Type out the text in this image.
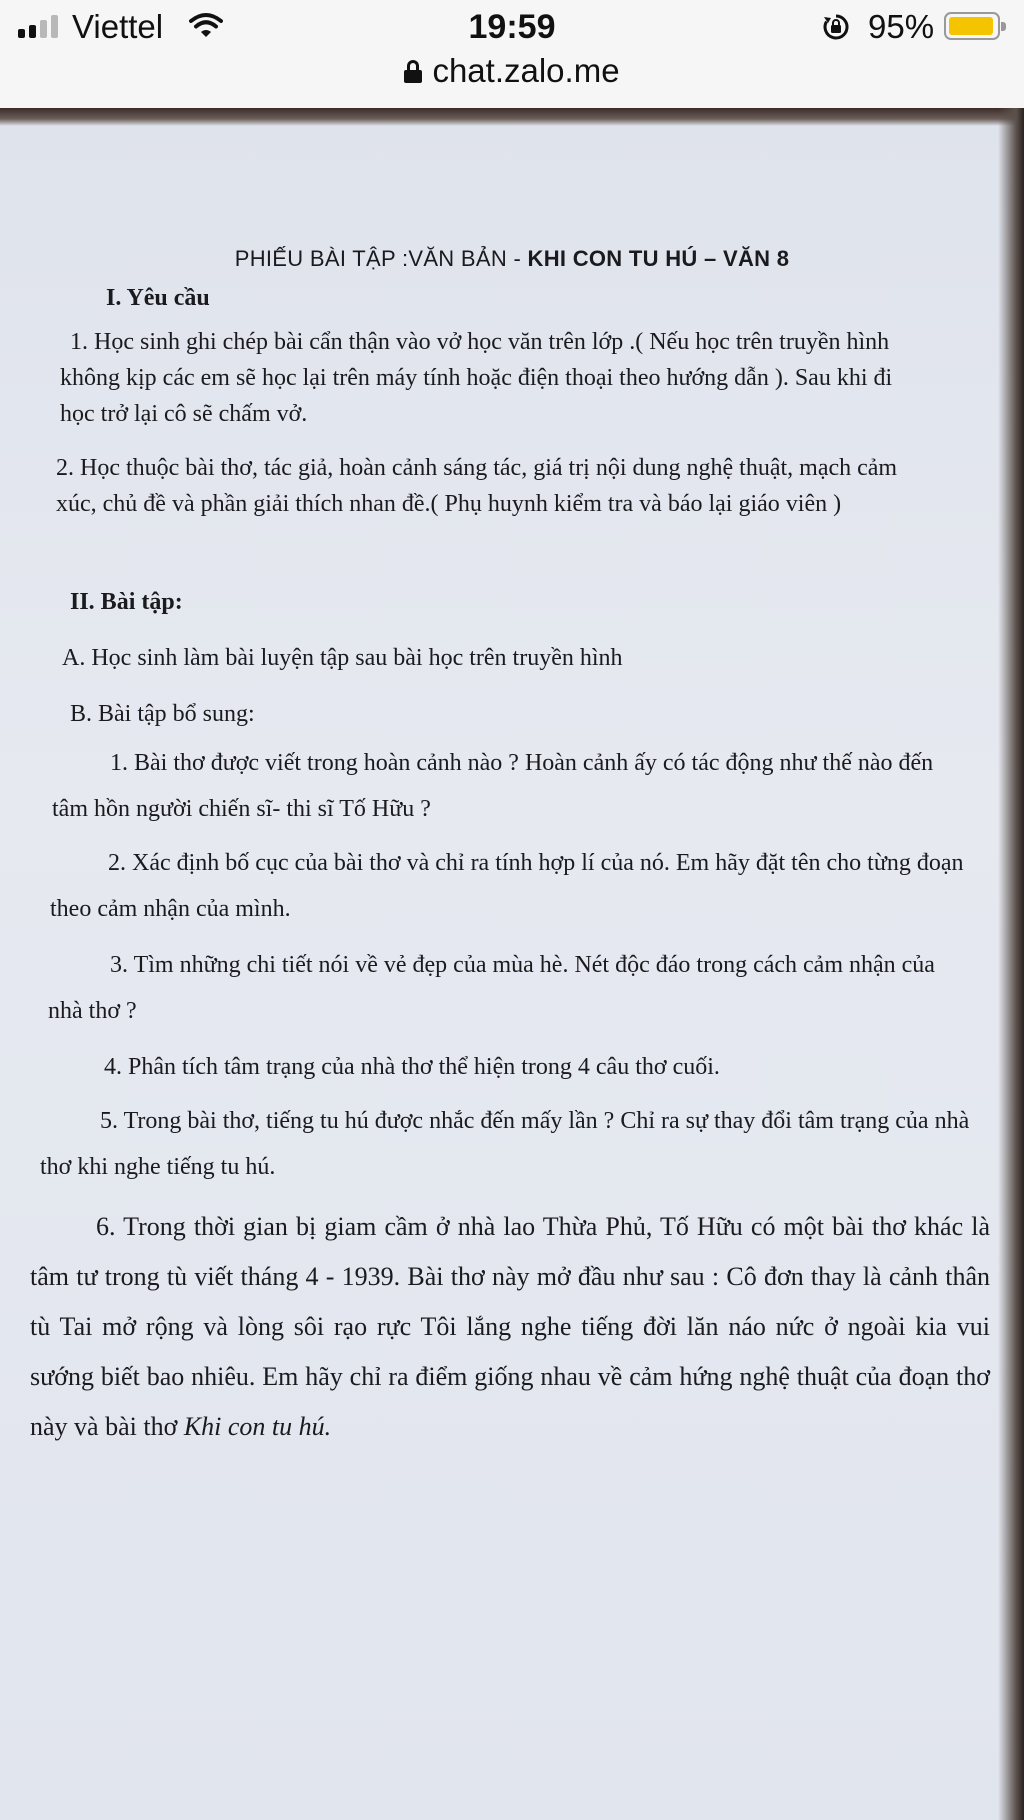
Viettel	19:59	95%
chat.zalo.me
PHIẾU BÀI TẬP :VĂN BẢN - KHI CON TU HÚ – VĂN 8
I. Yêu cầu
1. Học sinh ghi chép bài cẩn thận vào vở học văn trên lớp .( Nếu học trên truyền hình không kịp các em sẽ học lại trên máy tính hoặc điện thoại theo hướng dẫn ). Sau khi đi học trở lại cô sẽ chấm vở.
2. Học thuộc bài thơ, tác giả, hoàn cảnh sáng tác, giá trị nội dung nghệ thuật, mạch cảm xúc, chủ đề và phần giải thích nhan đề.( Phụ huynh kiểm tra và báo lại giáo viên )
II. Bài tập:
A. Học sinh làm bài luyện tập sau bài học trên truyền hình
B. Bài tập bổ sung:
1. Bài thơ được viết trong hoàn cảnh nào ? Hoàn cảnh ấy có tác động như thế nào đến tâm hồn người chiến sĩ- thi sĩ Tố Hữu ?
2. Xác định bố cục của bài thơ và chỉ ra tính hợp lí của nó. Em hãy đặt tên cho từng đoạn theo cảm nhận của mình.
3. Tìm những chi tiết nói về vẻ đẹp của mùa hè. Nét độc đáo trong cách cảm nhận của nhà thơ ?
4. Phân tích tâm trạng của nhà thơ thể hiện trong 4 câu thơ cuối.
5. Trong bài thơ, tiếng tu hú được nhắc đến mấy lần ? Chỉ ra sự thay đổi tâm trạng của nhà thơ khi nghe tiếng tu hú.
6. Trong thời gian bị giam cầm ở nhà lao Thừa Phủ, Tố Hữu có một bài thơ khác là tâm tư trong tù viết tháng 4 - 1939. Bài thơ này mở đầu như sau : Cô đơn thay là cảnh thân tù Tai mở rộng và lòng sôi rạo rực Tôi lắng nghe tiếng đời lăn náo nức ở ngoài kia vui sướng biết bao nhiêu. Em hãy chỉ ra điểm giống nhau về cảm hứng nghệ thuật của đoạn thơ này và bài thơ Khi con tu hú.
